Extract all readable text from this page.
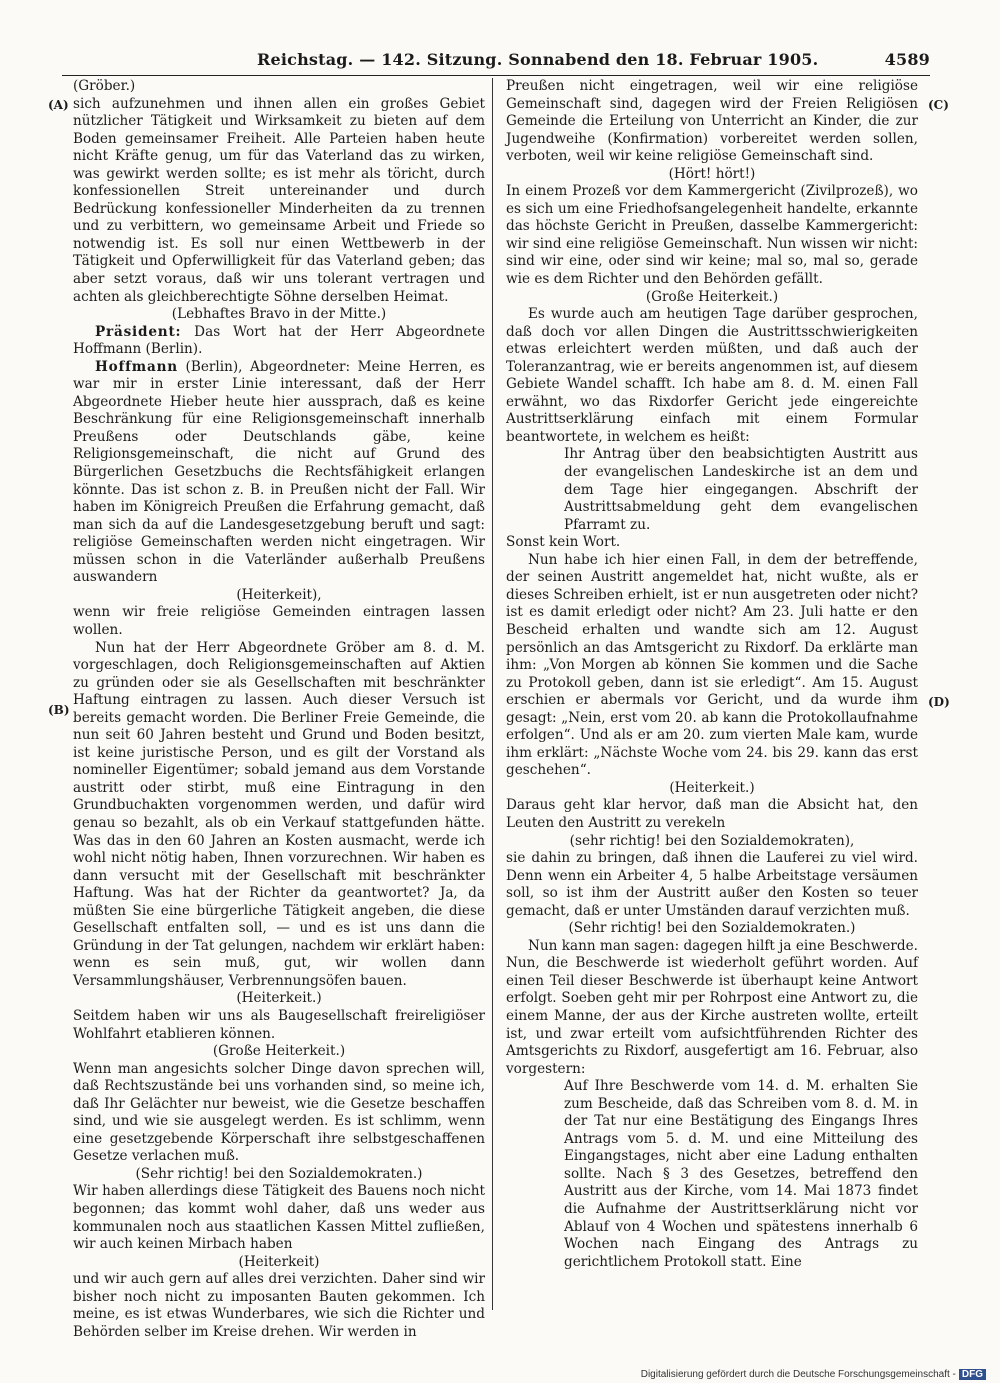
Reichstag. — 142. Sitzung. Sonnabend den 18. Februar 1905.	4589
(A)
(B)
(C)
(D)

(Gröber.)

sich aufzunehmen und ihnen allen ein großes Gebiet nützlicher Tätigkeit und Wirksamkeit zu bieten auf dem Boden gemeinsamer Freiheit. Alle Parteien haben heute nicht Kräfte genug, um für das Vaterland das zu wirken, was gewirkt werden sollte; es ist mehr als töricht, durch konfessionellen Streit untereinander und durch Bedrückung konfessioneller Minderheiten da zu trennen und zu verbittern, wo gemeinsame Arbeit und Friede so notwendig ist. Es soll nur einen Wettbewerb in der Tätigkeit und Opferwilligkeit für das Vaterland geben; das aber setzt voraus, daß wir uns tolerant vertragen und achten als gleichberechtigte Söhne derselben Heimat.

(Lebhaftes Bravo in der Mitte.)

Präsident: Das Wort hat der Herr Abgeordnete Hoffmann (Berlin).

Hoffmann (Berlin), Abgeordneter: Meine Herren, es war mir in erster Linie interessant, daß der Herr Abgeordnete Hieber heute hier aussprach, daß es keine Beschränkung für eine Religionsgemeinschaft innerhalb Preußens oder Deutschlands gäbe, keine Religionsgemeinschaft, die nicht auf Grund des Bürgerlichen Gesetzbuchs die Rechtsfähigkeit erlangen könnte. Das ist schon z. B. in Preußen nicht der Fall. Wir haben im Königreich Preußen die Erfahrung gemacht, daß man sich da auf die Landesgesetzgebung beruft und sagt: religiöse Gemeinschaften werden nicht eingetragen. Wir müssen schon in die Vaterländer außerhalb Preußens auswandern

(Heiterkeit),

wenn wir freie religiöse Gemeinden eintragen lassen wollen.

Nun hat der Herr Abgeordnete Gröber am 8. d. M. vorgeschlagen, doch Religionsgemeinschaften auf Aktien zu gründen oder sie als Gesellschaften mit beschränkter Haftung eintragen zu lassen. Auch dieser Versuch ist bereits gemacht worden. Die Berliner Freie Gemeinde, die nun seit 60 Jahren besteht und Grund und Boden besitzt, ist keine juristische Person, und es gilt der Vorstand als nomineller Eigentümer; sobald jemand aus dem Vorstande austritt oder stirbt, muß eine Eintragung in den Grundbuchakten vorgenommen werden, und dafür wird genau so bezahlt, als ob ein Verkauf stattgefunden hätte. Was das in den 60 Jahren an Kosten ausmacht, werde ich wohl nicht nötig haben, Ihnen vorzurechnen. Wir haben es dann versucht mit der Gesellschaft mit beschränkter Haftung. Was hat der Richter da geantwortet? Ja, da müßten Sie eine bürgerliche Tätigkeit angeben, die diese Gesellschaft entfalten soll, — und es ist uns dann die Gründung in der Tat gelungen, nachdem wir erklärt haben: wenn es sein muß, gut, wir wollen dann Versammlungshäuser, Verbrennungsöfen bauen.

(Heiterkeit.)

Seitdem haben wir uns als Baugesellschaft freireligiöser Wohlfahrt etablieren können.

(Große Heiterkeit.)

Wenn man angesichts solcher Dinge davon sprechen will, daß Rechtszustände bei uns vorhanden sind, so meine ich, daß Ihr Gelächter nur beweist, wie die Gesetze beschaffen sind, und wie sie ausgelegt werden. Es ist schlimm, wenn eine gesetzgebende Körperschaft ihre selbstgeschaffenen Gesetze verlachen muß.

(Sehr richtig! bei den Sozialdemokraten.)

Wir haben allerdings diese Tätigkeit des Bauens noch nicht begonnen; das kommt wohl daher, daß uns weder aus kommunalen noch aus staatlichen Kassen Mittel zufließen, wir auch keinen Mirbach haben

(Heiterkeit)

und wir auch gern auf alles drei verzichten. Daher sind wir bisher noch nicht zu imposanten Bauten gekommen. Ich meine, es ist etwas Wunderbares, wie sich die Richter und Behörden selber im Kreise drehen. Wir werden in

Preußen nicht eingetragen, weil wir eine religiöse Gemeinschaft sind, dagegen wird der Freien Religiösen Gemeinde die Erteilung von Unterricht an Kinder, die zur Jugendweihe (Konfirmation) vorbereitet werden sollen, verboten, weil wir keine religiöse Gemeinschaft sind.

(Hört! hört!)

In einem Prozeß vor dem Kammergericht (Zivilprozeß), wo es sich um eine Friedhofsangelegenheit handelte, erkannte das höchste Gericht in Preußen, dasselbe Kammergericht: wir sind eine religiöse Gemeinschaft. Nun wissen wir nicht: sind wir eine, oder sind wir keine; mal so, mal so, gerade wie es dem Richter und den Behörden gefällt.

(Große Heiterkeit.)

Es wurde auch am heutigen Tage darüber gesprochen, daß doch vor allen Dingen die Austrittsschwierigkeiten etwas erleichtert werden müßten, und daß auch der Toleranzantrag, wie er bereits angenommen ist, auf diesem Gebiete Wandel schafft. Ich habe am 8. d. M. einen Fall erwähnt, wo das Rixdorfer Gericht jede eingereichte Austrittserklärung einfach mit einem Formular beantwortete, in welchem es heißt:

Ihr Antrag über den beabsichtigten Austritt aus der evangelischen Landeskirche ist an dem und dem Tage hier eingegangen. Abschrift der Austrittsabmeldung geht dem evangelischen Pfarramt zu.

Sonst kein Wort.

Nun habe ich hier einen Fall, in dem der betreffende, der seinen Austritt angemeldet hat, nicht wußte, als er dieses Schreiben erhielt, ist er nun ausgetreten oder nicht? ist es damit erledigt oder nicht? Am 23. Juli hatte er den Bescheid erhalten und wandte sich am 12. August persönlich an das Amtsgericht zu Rixdorf. Da erklärte man ihm: „Von Morgen ab können Sie kommen und die Sache zu Protokoll geben, dann ist sie erledigt“. Am 15. August erschien er abermals vor Gericht, und da wurde ihm gesagt: „Nein, erst vom 20. ab kann die Protokollaufnahme erfolgen“. Und als er am 20. zum vierten Male kam, wurde ihm erklärt: „Nächste Woche vom 24. bis 29. kann das erst geschehen“.

(Heiterkeit.)

Daraus geht klar hervor, daß man die Absicht hat, den Leuten den Austritt zu verekeln

(sehr richtig! bei den Sozialdemokraten),

sie dahin zu bringen, daß ihnen die Lauferei zu viel wird. Denn wenn ein Arbeiter 4, 5 halbe Arbeitstage versäumen soll, so ist ihm der Austritt außer den Kosten so teuer gemacht, daß er unter Umständen darauf verzichten muß.

(Sehr richtig! bei den Sozialdemokraten.)

Nun kann man sagen: dagegen hilft ja eine Beschwerde. Nun, die Beschwerde ist wiederholt geführt worden. Auf einen Teil dieser Beschwerde ist überhaupt keine Antwort erfolgt. Soeben geht mir per Rohrpost eine Antwort zu, die einem Manne, der aus der Kirche austreten wollte, erteilt ist, und zwar erteilt vom aufsichtführenden Richter des Amtsgerichts zu Rixdorf, ausgefertigt am 16. Februar, also vorgestern:

Auf Ihre Beschwerde vom 14. d. M. erhalten Sie zum Bescheide, daß das Schreiben vom 8. d. M. in der Tat nur eine Bestätigung des Eingangs Ihres Antrags vom 5. d. M. und eine Mitteilung des Eingangstages, nicht aber eine Ladung enthalten sollte. Nach § 3 des Gesetzes, betreffend den Austritt aus der Kirche, vom 14. Mai 1873 findet die Aufnahme der Austrittserklärung nicht vor Ablauf von 4 Wochen und spätestens innerhalb 6 Wochen nach Eingang des Antrags zu gerichtlichem Protokoll statt. Eine

Digitalisierung gefördert durch die Deutsche Forschungsgemeinschaft - DFG
